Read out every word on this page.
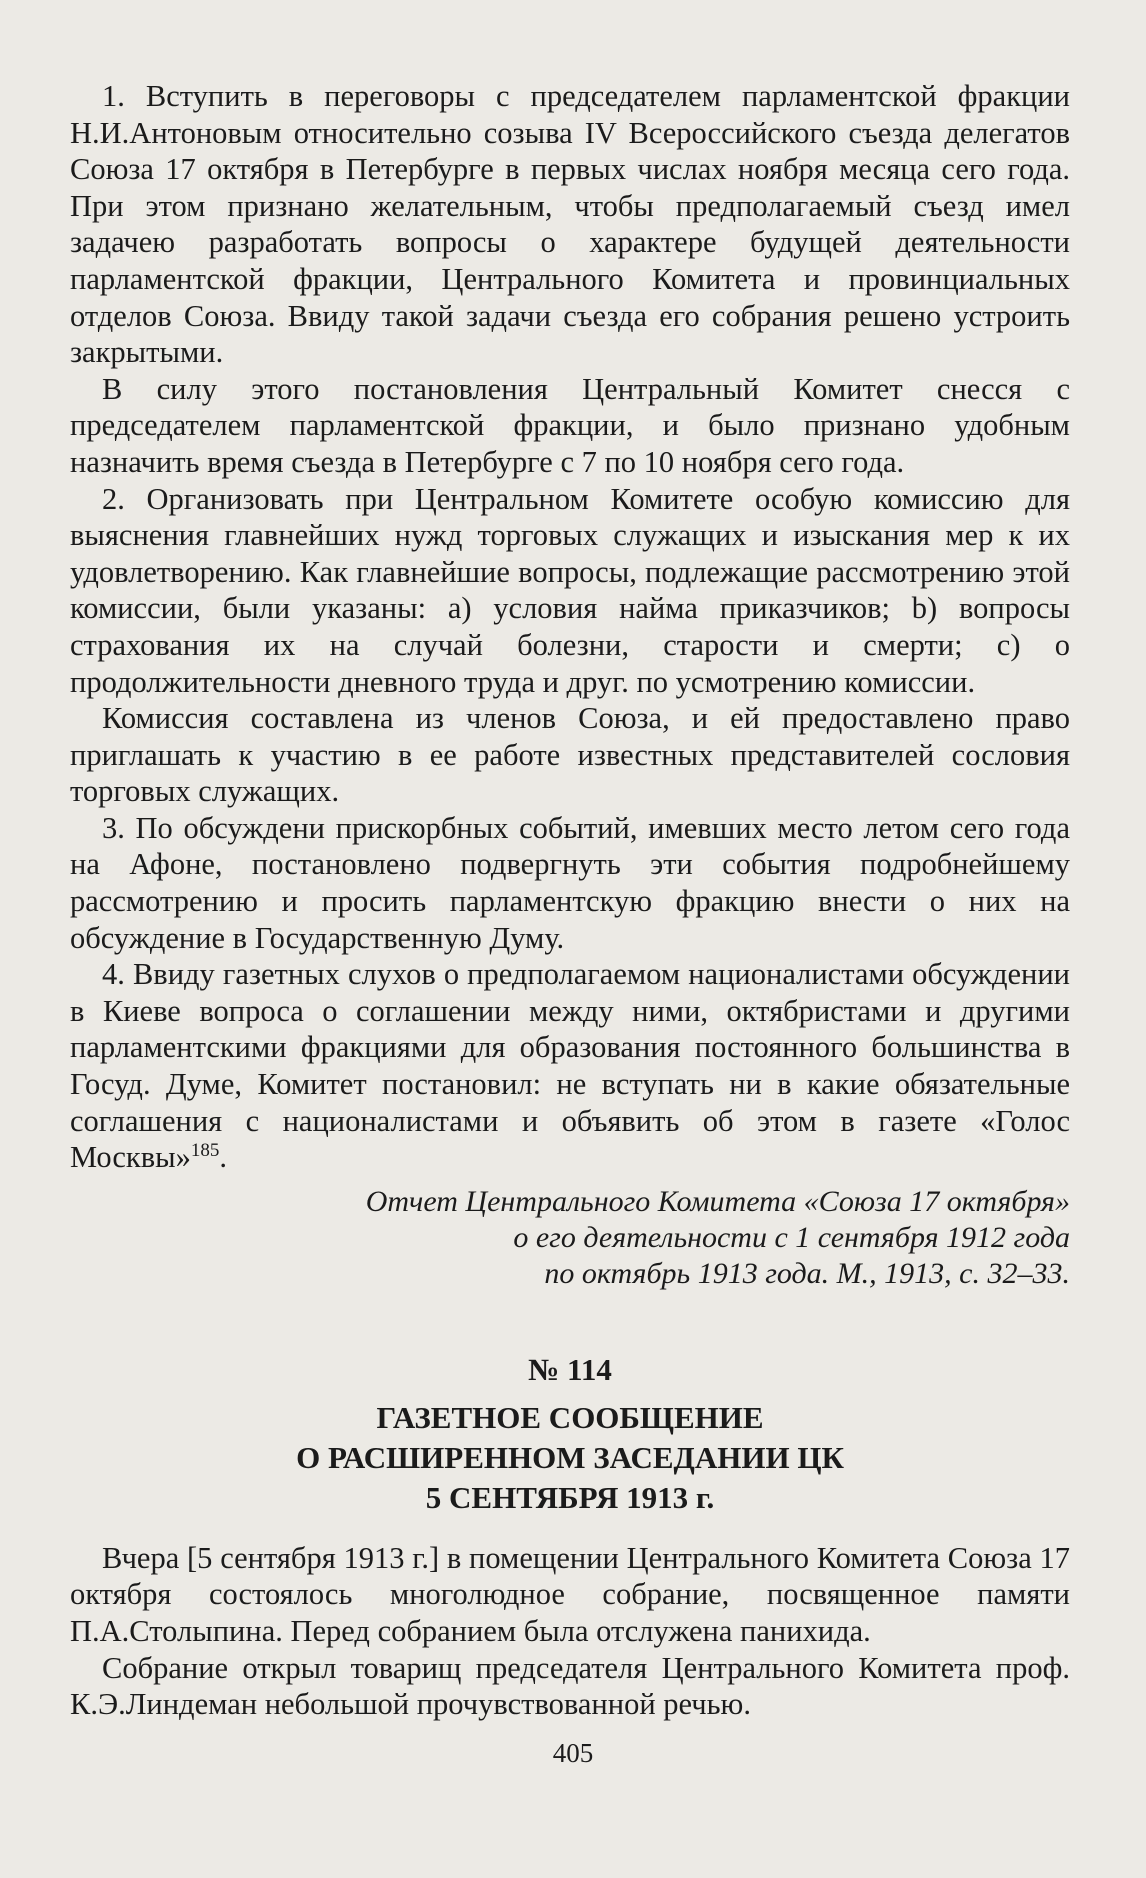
1. Вступить в переговоры с председателем парламентской фракции Н.И.Антоновым относительно созыва IV Всероссийского съезда делегатов Союза 17 октября в Петербурге в первых числах ноября месяца сего года. При этом признано желательным, чтобы предполагаемый съезд имел задачею разработать вопросы о характере будущей деятельности парламентской фракции, Центрального Комитета и провинциальных отделов Союза. Ввиду такой задачи съезда его собрания решено устроить закрытыми.

В силу этого постановления Центральный Комитет снесся с председателем парламентской фракции, и было признано удобным назначить время съезда в Петербурге с 7 по 10 ноября сего года.

2. Организовать при Центральном Комитете особую комиссию для выяснения главнейших нужд торговых служащих и изыскания мер к их удовлетворению. Как главнейшие вопросы, подлежащие рассмотрению этой комиссии, были указаны: a) условия найма приказчиков; b) вопросы страхования их на случай болезни, старости и смерти; c) о продолжительности дневного труда и друг. по усмотрению комиссии.

Комиссия составлена из членов Союза, и ей предоставлено право приглашать к участию в ее работе известных представителей сословия торговых служащих.

3. По обсуждени прискорбных событий, имевших место летом сего года на Афоне, постановлено подвергнуть эти события подробнейшему рассмотрению и просить парламентскую фракцию внести о них на обсуждение в Государственную Думу.

4. Ввиду газетных слухов о предполагаемом националистами обсуждении в Киеве вопроса о соглашении между ними, октябристами и другими парламентскими фракциями для образования постоянного большинства в Госуд. Думе, Комитет постановил: не вступать ни в какие обязательные соглашения с националистами и объявить об этом в газете «Голос Москвы»$^{185}$.

Отчет Центрального Комитета «Союза 17 октября»
о его деятельности с 1 сентября 1912 года
по октябрь 1913 года. М., 1913, с. 32–33.
№ 114
ГАЗЕТНОЕ СООБЩЕНИЕ
О РАСШИРЕННОМ ЗАСЕДАНИИ ЦК
5 СЕНТЯБРЯ 1913 г.

Вчера [5 сентября 1913 г.] в помещении Центрального Комитета Союза 17 октября состоялось многолюдное собрание, посвященное памяти П.А.Столыпина. Перед собранием была отслужена панихида.

Собрание открыл товарищ председателя Центрального Комитета проф. К.Э.Линдеман небольшой прочувствованной речью.

405
